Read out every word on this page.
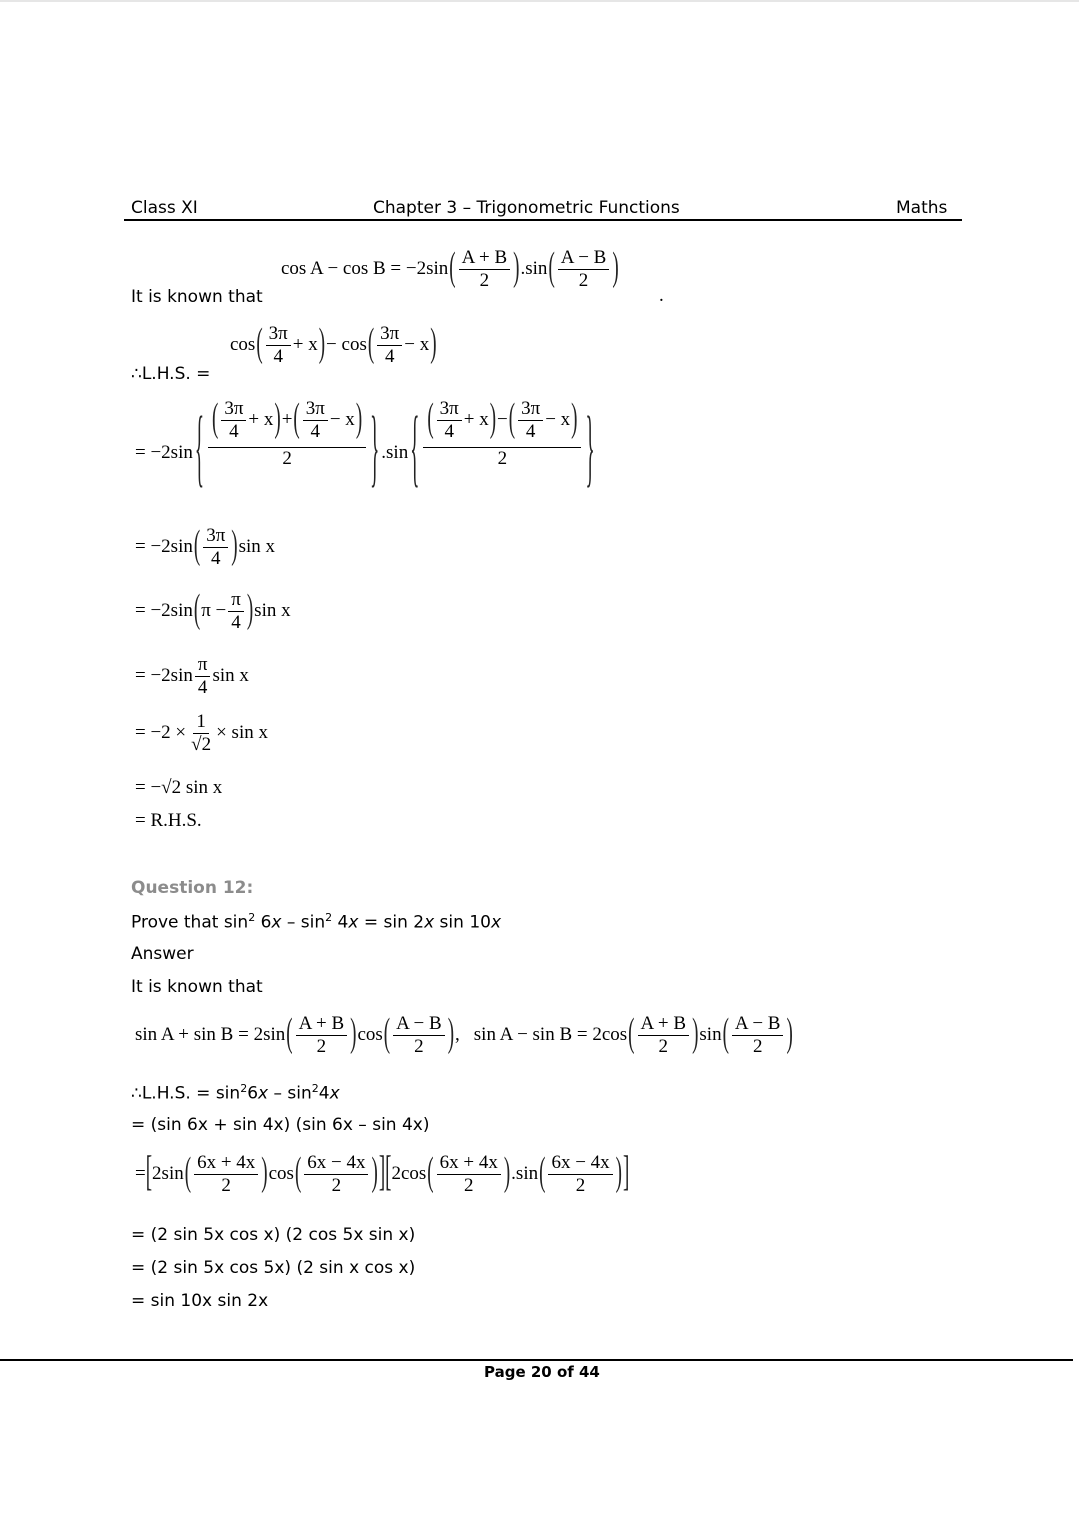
Class XI	Chapter 3 – Trigonometric Functions	Maths
cos A − cos B = −2sin ( $\frac{A + B}{2}$ ) .sin ( $\frac{A - B}{2}$ )
.
It is known that
cos ( $\frac{3\pi}{4} + x$ ) − cos ( $\frac{3\pi}{4} - x$ )
∴L.H.S. =
= −2sin { ( $\frac{3\pi}{4} + x$ ) + ( $\frac{3\pi}{4} - x$ )
2	} .sin { ( $\frac{3\pi}{4} + x$ ) − ( $\frac{3\pi}{4} - x$ )
2	}
= −2sin ( $\frac{3\pi}{4}$ ) sin x
= −2sin ( $\pi - \frac{\pi}{4}$ ) sin x
= $-2\sin \frac{\pi}{4}$ sin x
= $-2 \times \frac{1}{√2} \times \sin x$
= −√2 sin x
= R.H.S.
Question 12:
Prove that $\sin^2 6x - \sin^2 4x = \sin 2x$ sin 10x
Answer
It is known that
sin A + sin B = 2sin ( $\frac{A + B}{2}$ ) cos ( $\frac{A - B}{2}$ ) , sin A − sin B = 2cos ( $\frac{A + B}{2}$ ) sin ( $\frac{A - B}{2}$ )
∴L.H.S. = $\sin^26x - \sin^24x$
= (sin 6x + sin 4x) (sin 6x – sin 4x)
= [ 2sin ( $\frac{6x + 4x}{2}$ ) cos ( $\frac{6x - 4x}{2}$ ) ] [ 2cos ( $\frac{6x + 4x}{2}$ ) .sin ( $\frac{6x - 4x}{2}$ ) ]
= (2 sin 5x cos x) (2 cos 5x sin x)
= (2 sin 5x cos 5x) (2 sin x cos x)
= sin 10x sin 2x
Page 20 of 44
